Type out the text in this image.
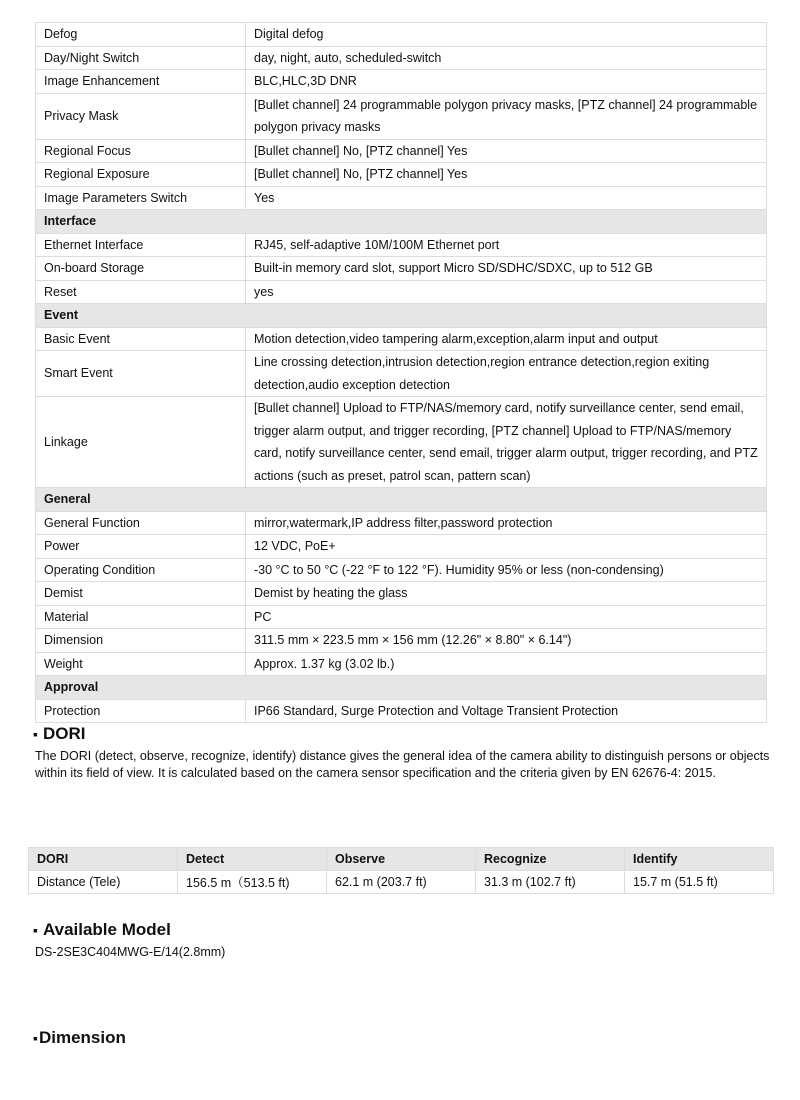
Defog	Digital defog
Day/Night Switch	day, night, auto, scheduled-switch
Image Enhancement	BLC,HLC,3D DNR
Privacy Mask	[Bullet channel] 24 programmable polygon privacy masks, [PTZ channel] 24 programmable polygon privacy masks
Regional Focus	[Bullet channel] No, [PTZ channel] Yes
Regional Exposure	[Bullet channel] No, [PTZ channel] Yes
Image Parameters Switch	Yes
Interface	
Ethernet Interface	RJ45, self-adaptive 10M/100M Ethernet port
On-board Storage	Built-in memory card slot, support Micro SD/SDHC/SDXC, up to 512 GB
Reset	yes
Event	
Basic Event	Motion detection,video tampering alarm,exception,alarm input and output
Smart Event	Line crossing detection,intrusion detection,region entrance detection,region exiting detection,audio exception detection
Linkage	[Bullet channel] Upload to FTP/NAS/memory card, notify surveillance center, send email, trigger alarm output, and trigger recording, [PTZ channel] Upload to FTP/NAS/memory card, notify surveillance center, send email, trigger alarm output, trigger recording, and PTZ actions (such as preset, patrol scan, pattern scan)
General	
General Function	mirror,watermark,IP address filter,password protection
Power	12 VDC, PoE+
Operating Condition	-30 °C to 50 °C (-22 °F to 122 °F). Humidity 95% or less (non-condensing)
Demist	Demist by heating the glass
Material	PC
Dimension	311.5 mm × 223.5 mm × 156 mm (12.26" × 8.80" × 6.14")
Weight	Approx. 1.37 kg (3.02 lb.)
Approval	
Protection	IP66 Standard, Surge Protection and Voltage Transient Protection
▪ DORI
The DORI (detect, observe, recognize, identify) distance gives the general idea of the camera ability to distinguish persons or objects within its field of view. It is calculated based on the camera sensor specification and the criteria given by EN 62676-4: 2015.
DORI	Detect	Observe	Recognize	Identify
Distance (Tele)	156.5 m（513.5 ft)	62.1 m (203.7 ft)	31.3 m (102.7 ft)	15.7 m (51.5 ft)
▪ Available Model
DS-2SE3C404MWG-E/14(2.8mm)
▪Dimension
